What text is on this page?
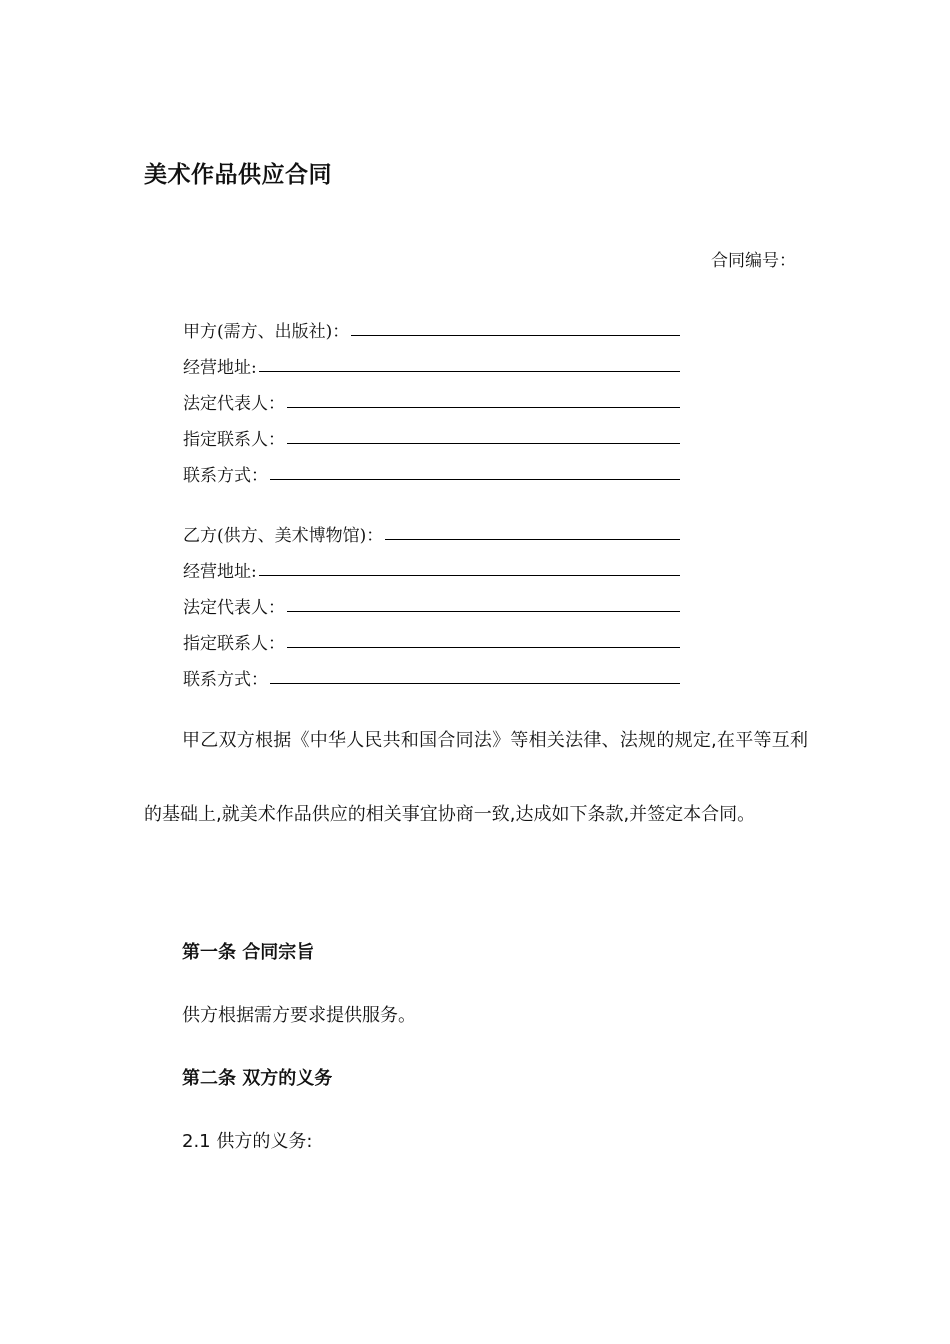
美术作品供应合同
合同编号：
甲方(需方、出版社)：
经营地址:
法定代表人：
指定联系人：
联系方式：
乙方(供方、美术博物馆)：
经营地址:
法定代表人：
指定联系人：
联系方式：

甲乙双方根据《中华人民共和国合同法》等相关法律、法规的规定,在平等互利的基础上,就美术作品供应的相关事宜协商一致,达成如下条款,并签定本合同。

第一条 合同宗旨
供方根据需方要求提供服务。
第二条 双方的义务
2.1 供方的义务:
